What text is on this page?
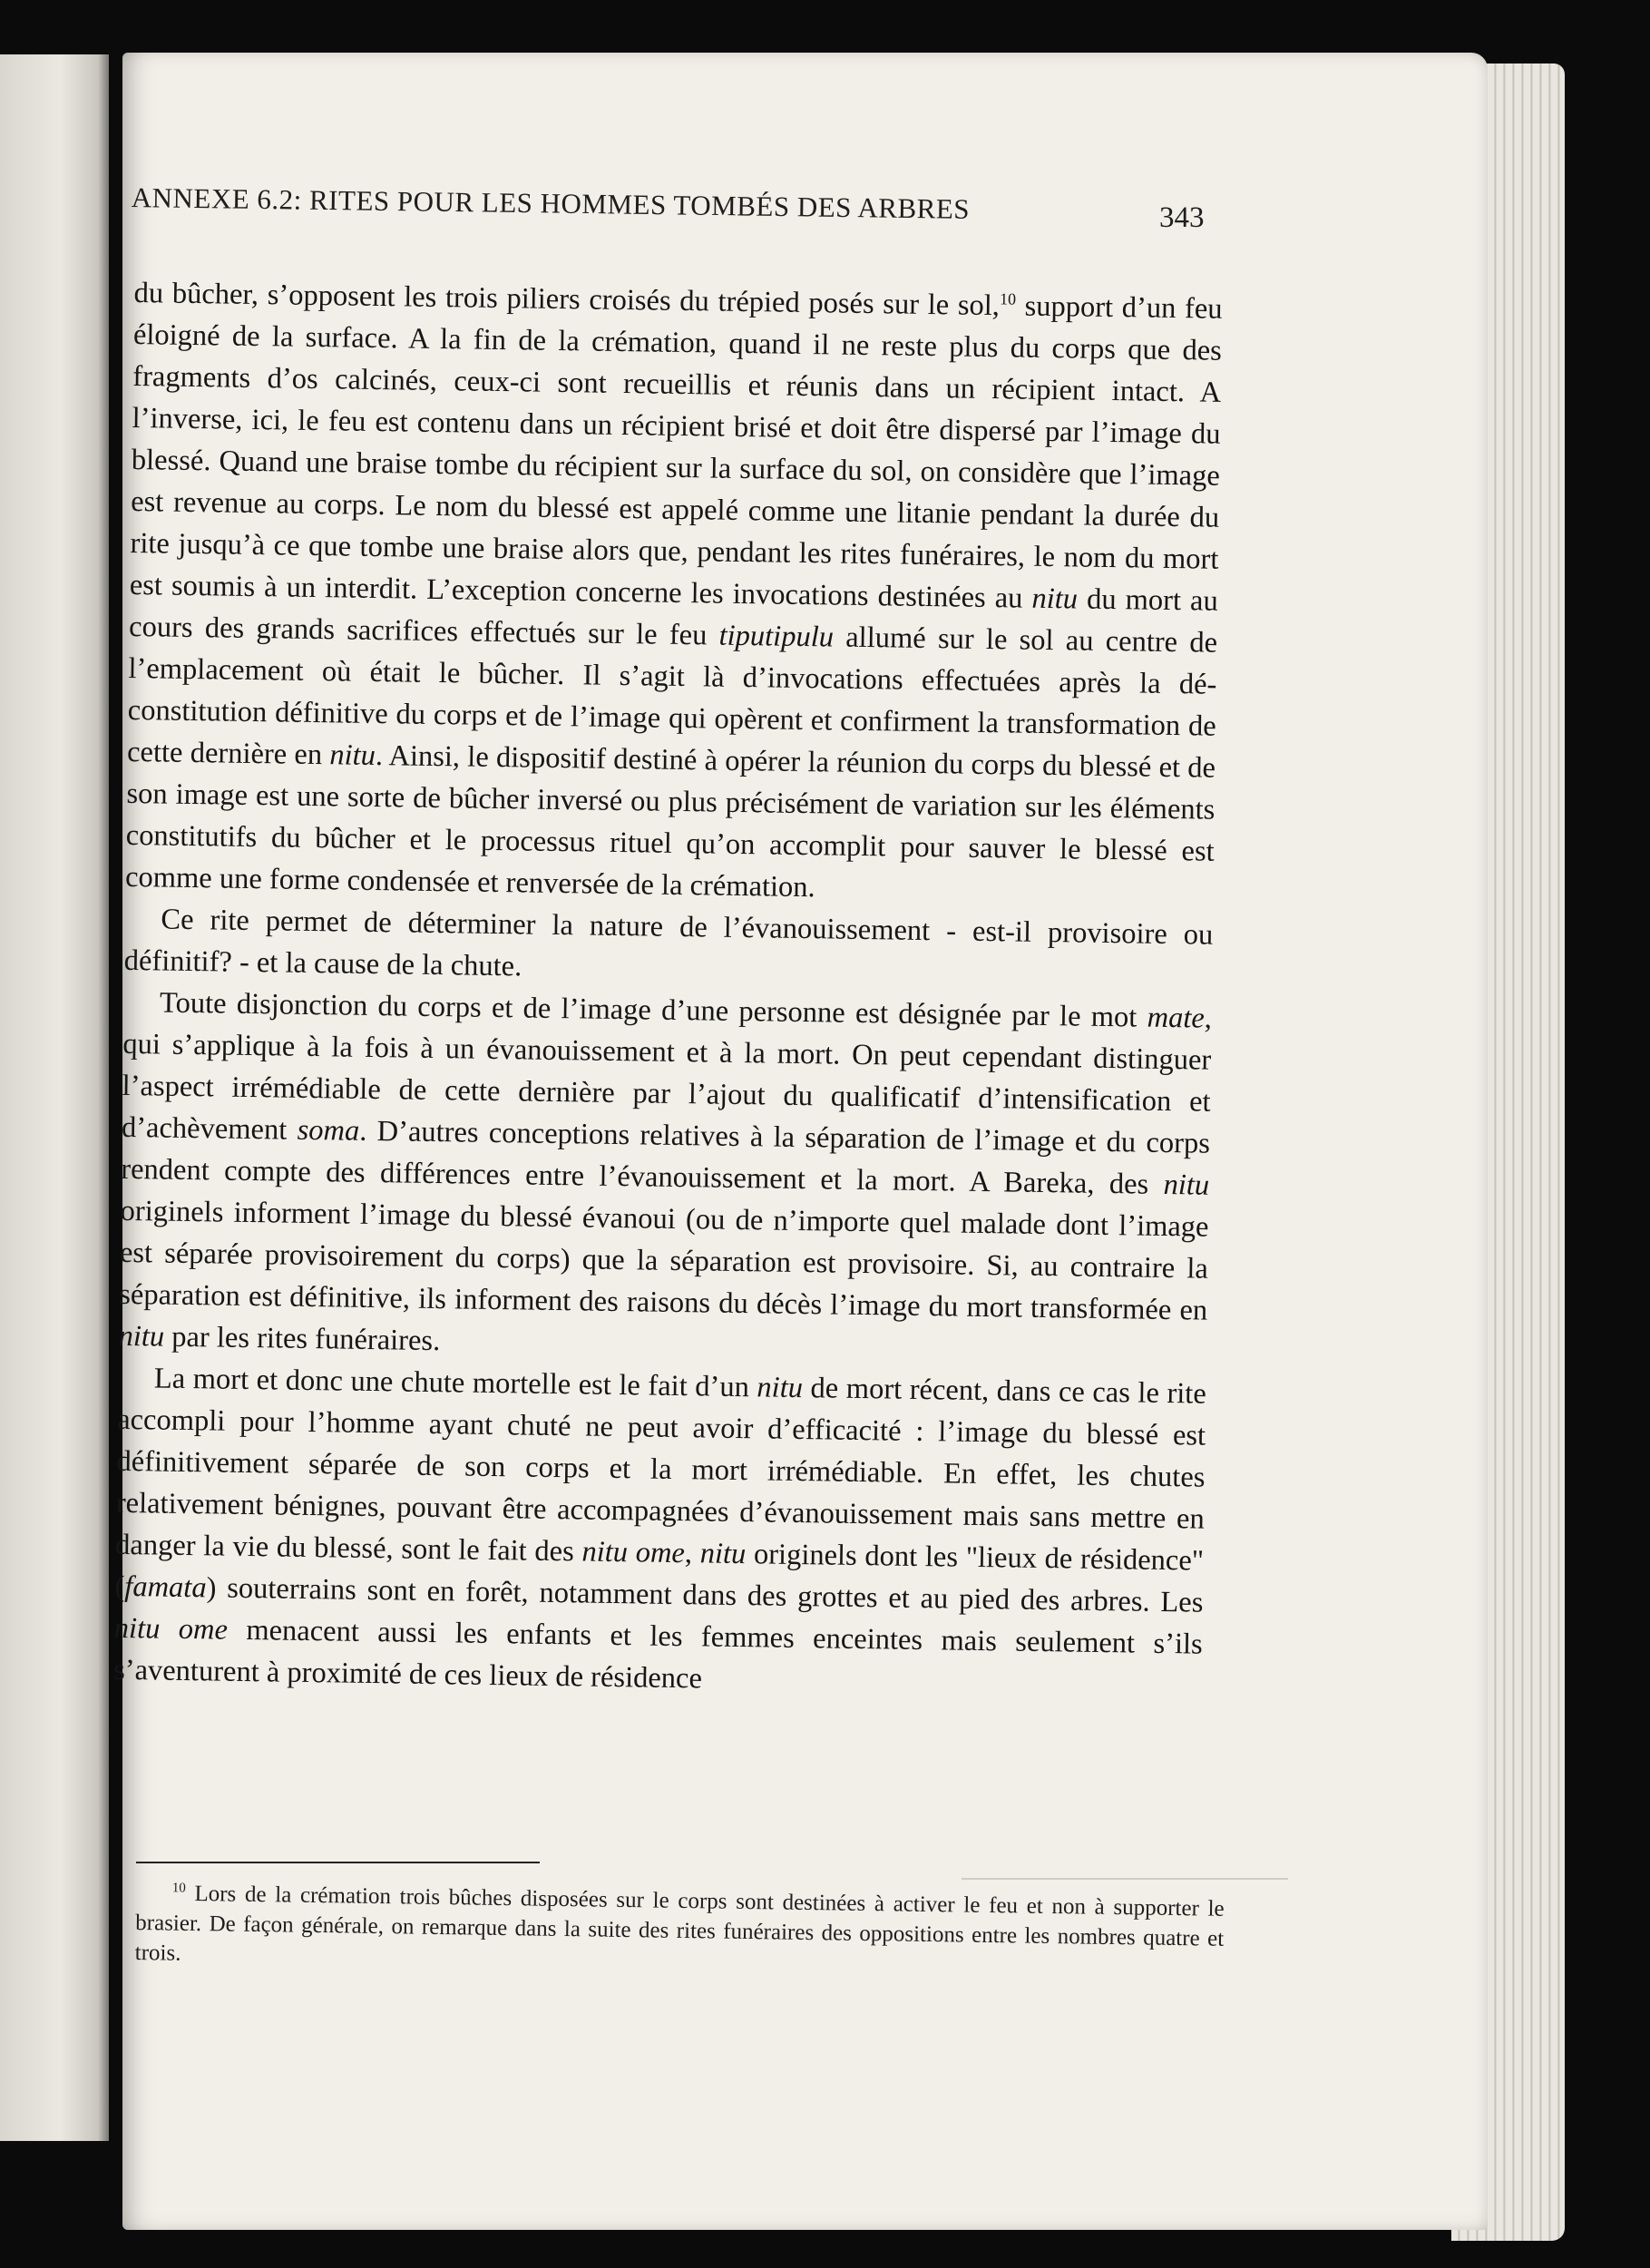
ANNEXE 6.2: RITES POUR LES HOMMES TOMBÉS DES ARBRES	343

du bûcher, s’opposent les trois piliers croisés du trépied posés sur le sol,$^{10}$ support d’un feu éloigné de la surface. A la fin de la crémation, quand il ne reste plus du corps que des fragments d’os calcinés, ceux-ci sont recueillis et réunis dans un récipient intact. A l’inverse, ici, le feu est contenu dans un récipient brisé et doit être dispersé par l’image du blessé. Quand une braise tombe du récipient sur la surface du sol, on considère que l’image est revenue au corps. Le nom du blessé est appelé comme une litanie pendant la durée du rite jusqu’à ce que tombe une braise alors que, pendant les rites funéraires, le nom du mort est soumis à un interdit. L’exception concerne les invocations destinées au nitu du mort au cours des grands sacrifices effectués sur le feu tiputipulu allumé sur le sol au centre de l’emplacement où était le bûcher. Il s’agit là d’invocations effectuées après la dé-constitution définitive du corps et de l’image qui opèrent et confirment la transformation de cette dernière en nitu. Ainsi, le dispositif destiné à opérer la réunion du corps du blessé et de son image est une sorte de bûcher inversé ou plus précisément de variation sur les éléments constitutifs du bûcher et le processus rituel qu’on accomplit pour sauver le blessé est comme une forme condensée et renversée de la crémation.

Ce rite permet de déterminer la nature de l’évanouissement - est-il provisoire ou définitif? - et la cause de la chute.

Toute disjonction du corps et de l’image d’une personne est désignée par le mot mate, qui s’applique à la fois à un évanouissement et à la mort. On peut cependant distinguer l’aspect irrémédiable de cette dernière par l’ajout du qualificatif d’intensification et d’achèvement soma. D’autres conceptions relatives à la séparation de l’image et du corps rendent compte des différences entre l’évanouissement et la mort. A Bareka, des nitu originels informent l’image du blessé évanoui (ou de n’importe quel malade dont l’image est séparée provisoirement du corps) que la séparation est provisoire. Si, au contraire la séparation est définitive, ils informent des raisons du décès l’image du mort transformée en nitu par les rites funéraires.

La mort et donc une chute mortelle est le fait d’un nitu de mort récent, dans ce cas le rite accompli pour l’homme ayant chuté ne peut avoir d’efficacité : l’image du blessé est définitivement séparée de son corps et la mort irrémédiable. En effet, les chutes relativement bénignes, pouvant être accompagnées d’évanouissement mais sans mettre en danger la vie du blessé, sont le fait des nitu ome, nitu originels dont les "lieux de résidence" (famata) souterrains sont en forêt, notamment dans des grottes et au pied des arbres. Les nitu ome menacent aussi les enfants et les femmes enceintes mais seulement s’ils s’aventurent à proximité de ces lieux de résidence

$^{10}$ Lors de la crémation trois bûches disposées sur le corps sont destinées à activer le feu et non à supporter le brasier. De façon générale, on remarque dans la suite des rites funéraires des oppositions entre les nombres quatre et trois.
